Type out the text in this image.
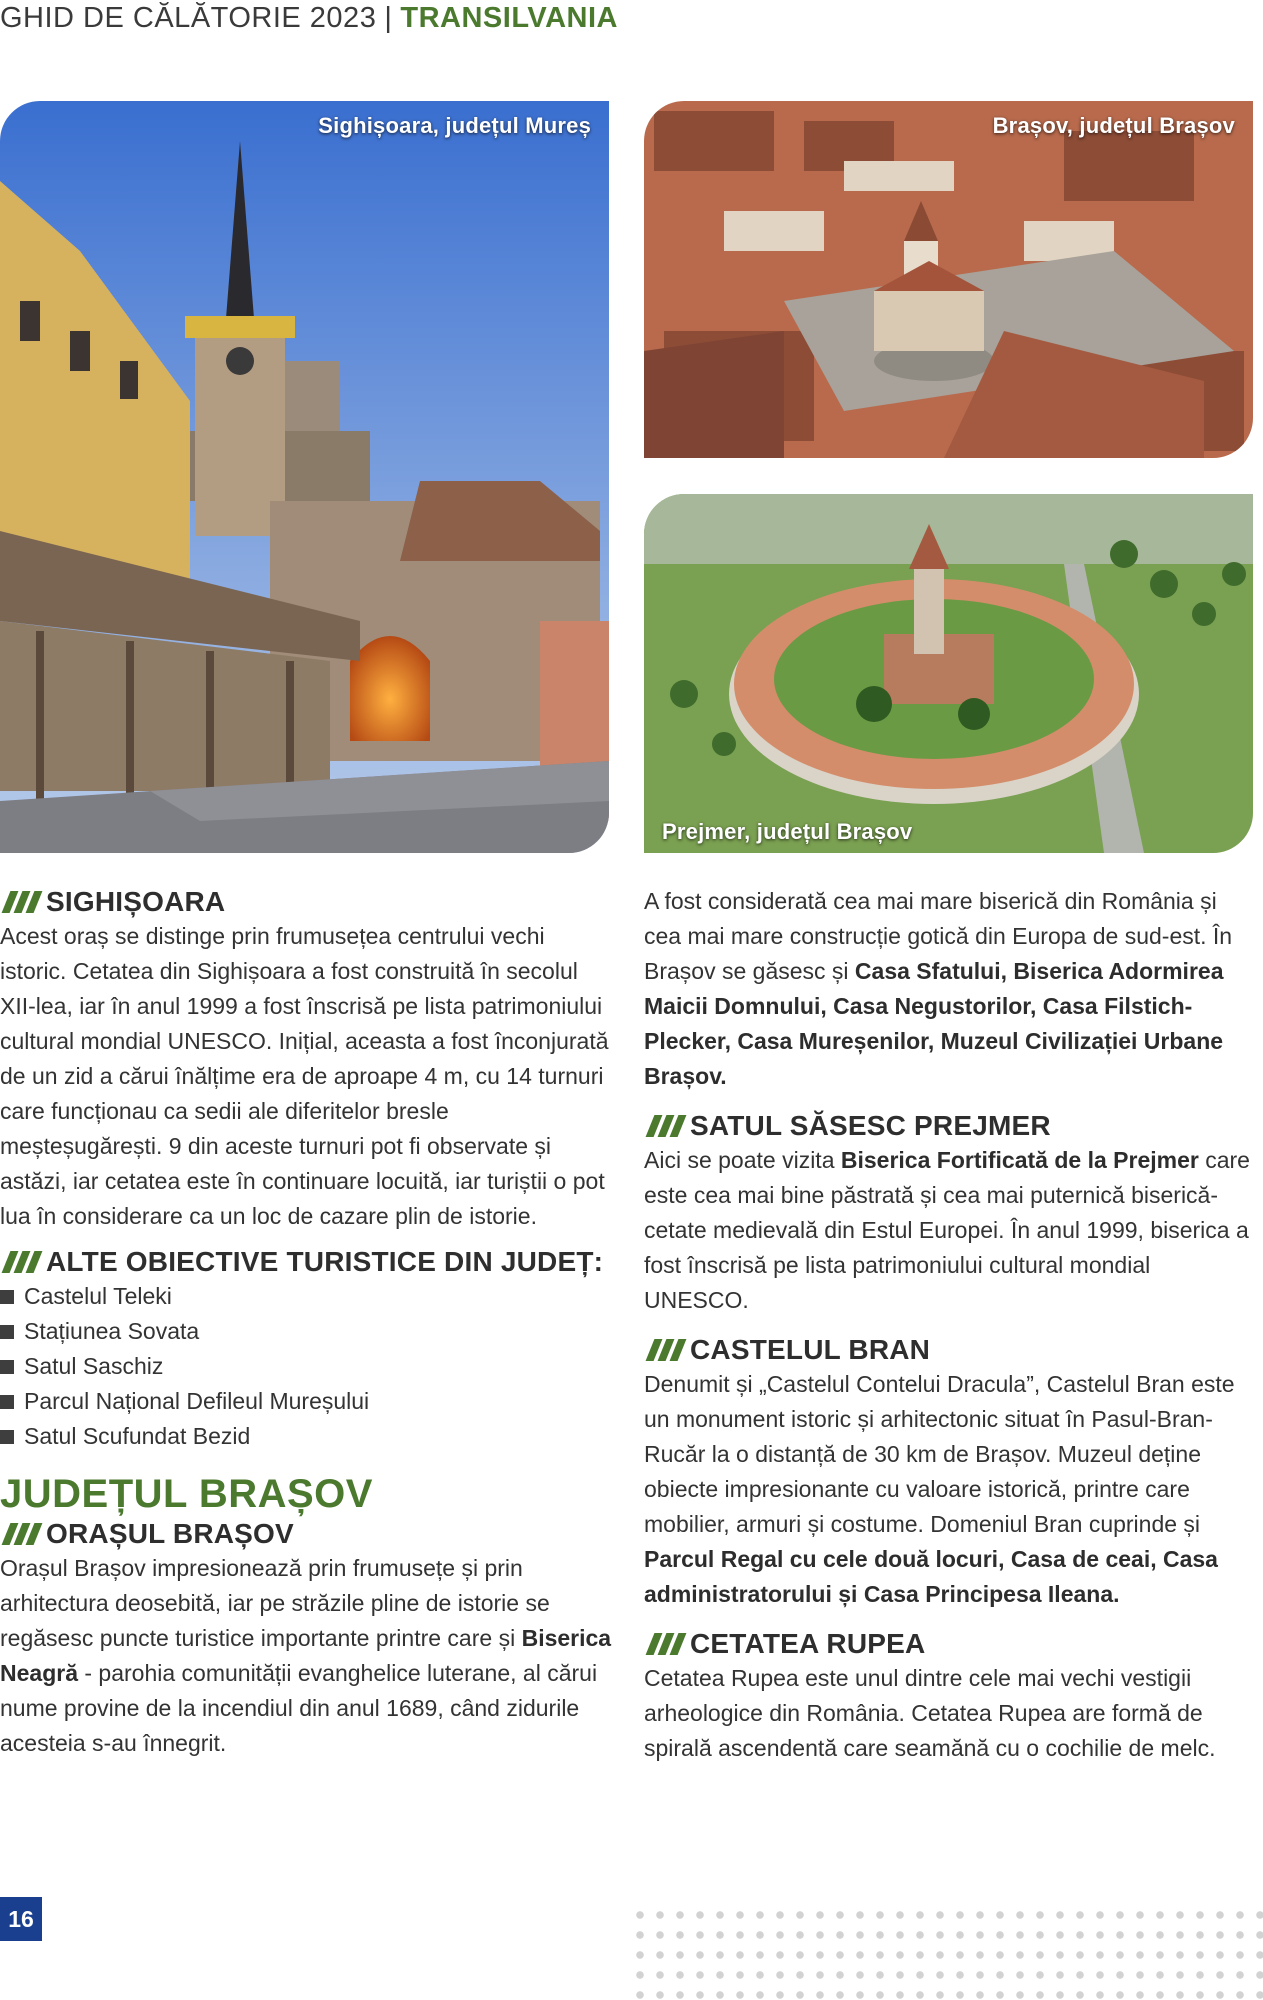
GHID DE CĂLĂTORIE 2023 | TRANSILVANIA
Sighișoara, județul Mureș	Brașov, județul Brașov
Prejmer, județul Brașov
SIGHIȘOARA

Acest oraș se distinge prin frumusețea centrului vechi istoric. Cetatea din Sighișoara a fost construită în secolul XII-lea, iar în anul 1999 a fost înscrisă pe lista patrimoniului cultural mondial UNESCO. Inițial, aceasta a fost înconjurată de un zid a cărui înălțime era de aproape 4 m, cu 14 turnuri care funcționau ca sedii ale diferitelor bresle meșteșugărești. 9 din aceste turnuri pot fi observate și astăzi, iar cetatea este în continuare locuită, iar turiștii o pot lua în considerare ca un loc de cazare plin de istorie.

ALTE OBIECTIVE TURISTICE DIN JUDEȚ:
Castelul Teleki
Stațiunea Sovata
Satul Saschiz
Parcul Național Defileul Mureșului
Satul Scufundat Bezid
JUDEȚUL BRAȘOV
ORAȘUL BRAȘOV

Orașul Brașov impresionează prin frumusețe și prin arhitectura deosebită, iar pe străzile pline de istorie se regăsesc puncte turistice importante printre care și Biserica Neagră - parohia comunității evanghelice luterane, al cărui nume provine de la incendiul din anul 1689, când zidurile acesteia s-au înnegrit.

A fost considerată cea mai mare biserică din România și cea mai mare construcție gotică din Europa de sud-est. În Brașov se găsesc și Casa Sfatului, Biserica Adormirea Maicii Domnului, Casa Negustorilor, Casa Filstich-Plecker, Casa Mureșenilor, Muzeul Civilizației Urbane Brașov.

SATUL SĂSESC PREJMER

Aici se poate vizita Biserica Fortificată de la Prejmer care este cea mai bine păstrată și cea mai puternică biserică-cetate medievală din Estul Europei. În anul 1999, biserica a fost înscrisă pe lista patrimoniului cultural mondial UNESCO.

CASTELUL BRAN

Denumit și „Castelul Contelui Dracula”, Castelul Bran este un monument istoric și arhitectonic situat în Pasul-Bran-Rucăr la o distanță de 30 km de Brașov. Muzeul deține obiecte impresionante cu valoare istorică, printre care mobilier, armuri și costume. Domeniul Bran cuprinde și Parcul Regal cu cele două locuri, Casa de ceai, Casa administratorului și Casa Principesa Ileana.

CETATEA RUPEA

Cetatea Rupea este unul dintre cele mai vechi vestigii arheologice din România. Cetatea Rupea are formă de spirală ascendentă care seamănă cu o cochilie de melc.

16
